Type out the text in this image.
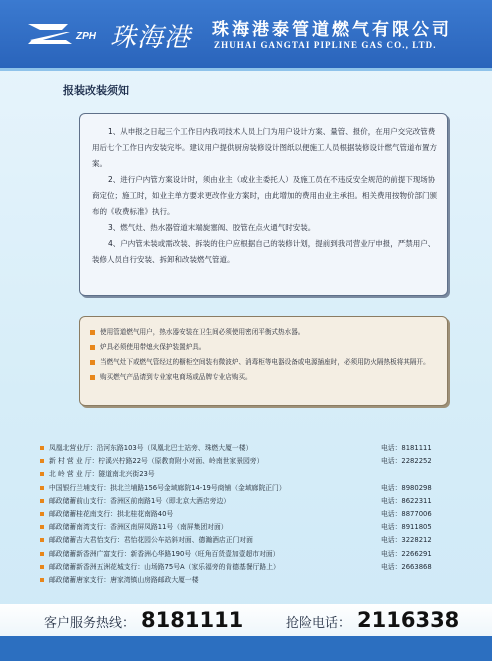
ZPH 珠海港 珠海港泰管道燃气有限公司
ZHUHAI GANGTAI PIPLINE GAS CO., LTD.
报装改装须知

1、从申报之日起三个工作日内我司技术人员上门为用户设计方案、量管、报价，在用户交完改管费用后七个工作日内安装完毕。建议用户提供厨房装修设计图纸以便施工人员根据装修设计燃气管道布置方案。

2、进行户内管方案设计时，须由业主（或业主委托人）及施工员在不违反安全规范的前提下现场协商定位；施工时，如业主单方要求更改作业方案时，由此增加的费用由业主承担。相关费用按物价部门颁布的《收费标准》执行。

3、燃气灶、热水器管道末端旋塞阀、胶管在点火通气时安装。

4、户内管未装或需改装、拆装的住户应根据自己的装修计划，提前到我司营业厅申报，严禁用户、装修人员自行安装、拆卸和改装燃气管道。

使用管道燃气用户，热水器安装在卫生间必须使用密闭平衡式热水器。
炉具必须使用带熄火保护装置炉具。
当燃气灶下或燃气管经过的橱柜空间装有微波炉、消毒柜等电器设备或电源插座时，必须用防火隔热板将其隔开。
购买燃气产品请到专业家电商场或品牌专业店购买。
凤凰北营业厅：沿河东路103号（凤凰北巴士站旁、珠燃大厦一楼）	电话：8181111
新 村 营 业 厅：柠溪兴柠路22号（原教育附小对面、岭南世家景园旁）	电话：2282252
北 岭 营 业 厅：隧道南北兴街23号
中国银行兰埔支行：拱北兰埔路156号金域廊院14-19号商铺（金域廊院正门）	电话：8980298
邮政储蓄前山支行：香洲区前南路1号（即北京大酒店旁边）	电话：8622311
邮政储蓄桂花南支行：拱北桂花南路40号	电话：8877006
邮政储蓄南湾支行：香洲区南屏凤路11号（南屏集团对面）	电话：8911805
邮政储蓄吉大君怡支行：君怡花园公车站斜对面、德瀚酒店正门对面	电话：3228212
邮政储蓄新香洲广富支行：新香洲心华路190号（旺角百货壹加壹超市对面）	电话：2266291
邮政储蓄新香洲五洲花城支行：山场路75号A（家乐福旁的肯德基餐厅路上）	电话：2663868
邮政储蓄唐家支行：唐家湾镇山房路邮政大厦一楼
客户服务热线： 8181111	抢险电话： 2116338
